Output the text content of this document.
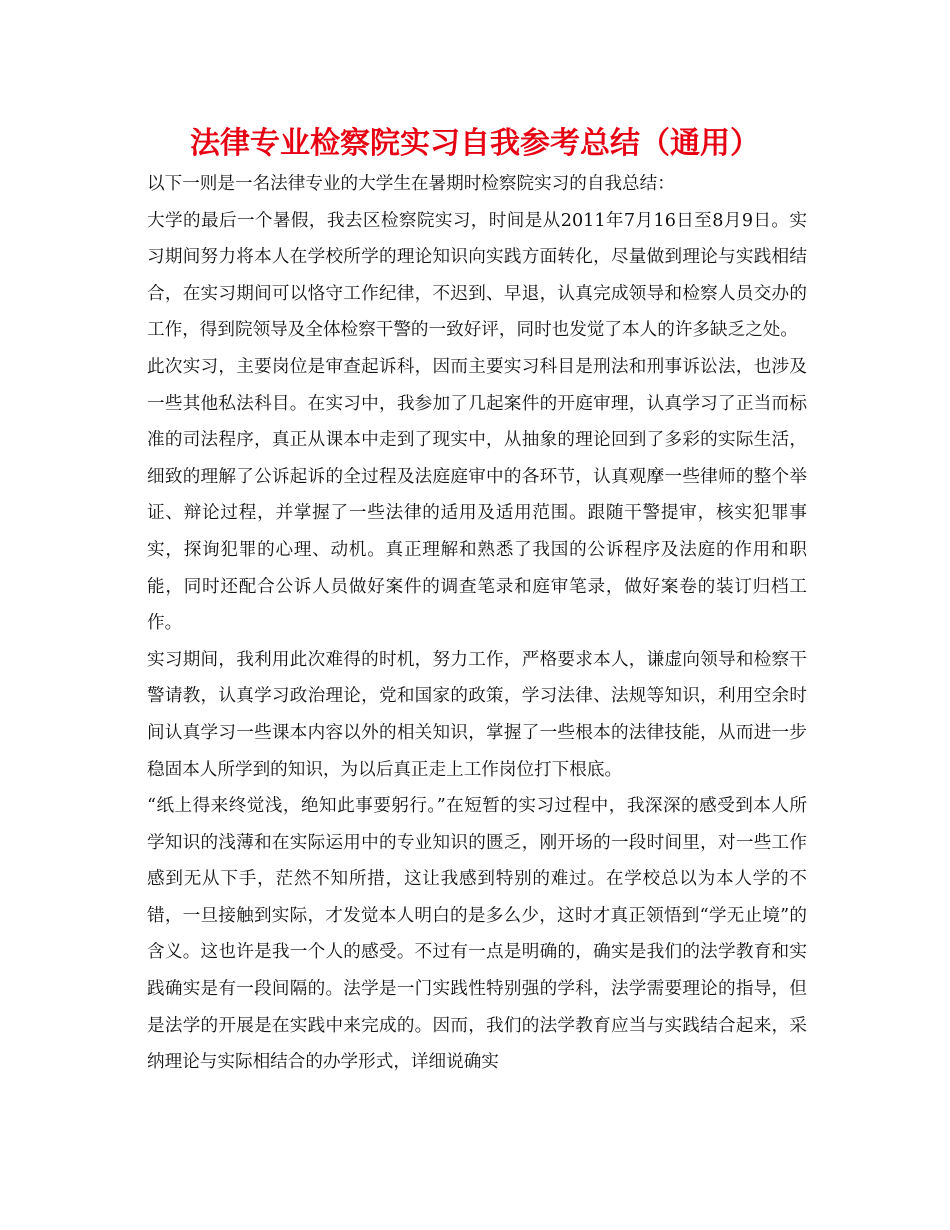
法律专业检察院实习自我参考总结（通用）

以下一则是一名法律专业的大学生在暑期时检察院实习的自我总结：

大学的最后一个暑假，我去区检察院实习，时间是从2011年7月16日至8月9日。实习期间努力将本人在学校所学的理论知识向实践方面转化，尽量做到理论与实践相结合，在实习期间可以恪守工作纪律，不迟到、早退，认真完成领导和检察人员交办的工作，得到院领导及全体检察干警的一致好评，同时也发觉了本人的许多缺乏之处。

此次实习，主要岗位是审查起诉科，因而主要实习科目是刑法和刑事诉讼法，也涉及一些其他私法科目。在实习中，我参加了几起案件的开庭审理，认真学习了正当而标准的司法程序，真正从课本中走到了现实中，从抽象的理论回到了多彩的实际生活，细致的理解了公诉起诉的全过程及法庭庭审中的各环节，认真观摩一些律师的整个举证、辩论过程，并掌握了一些法律的适用及适用范围。跟随干警提审，核实犯罪事实，探询犯罪的心理、动机。真正理解和熟悉了我国的公诉程序及法庭的作用和职能，同时还配合公诉人员做好案件的调查笔录和庭审笔录，做好案卷的装订归档工作。

实习期间，我利用此次难得的时机，努力工作，严格要求本人，谦虚向领导和检察干警请教，认真学习政治理论，党和国家的政策，学习法律、法规等知识，利用空余时间认真学习一些课本内容以外的相关知识，掌握了一些根本的法律技能，从而进一步稳固本人所学到的知识，为以后真正走上工作岗位打下根底。

“纸上得来终觉浅，绝知此事要躬行。”在短暂的实习过程中，我深深的感受到本人所学知识的浅薄和在实际运用中的专业知识的匮乏，刚开场的一段时间里，对一些工作感到无从下手，茫然不知所措，这让我感到特别的难过。在学校总以为本人学的不错，一旦接触到实际，才发觉本人明白的是多么少，这时才真正领悟到“学无止境”的含义。这也许是我一个人的感受。不过有一点是明确的，确实是我们的法学教育和实践确实是有一段间隔的。法学是一门实践性特别强的学科，法学需要理论的指导，但是法学的开展是在实践中来完成的。因而，我们的法学教育应当与实践结合起来，采纳理论与实际相结合的办学形式，详细说确实
